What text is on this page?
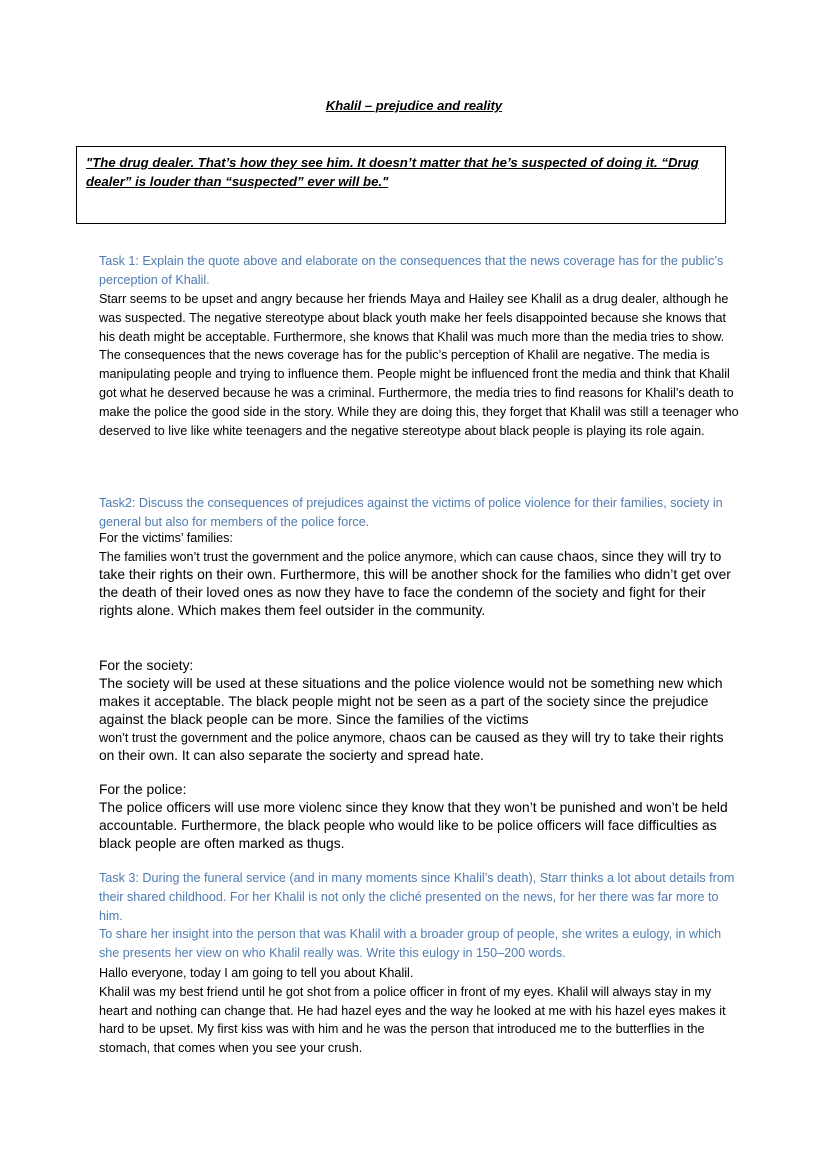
Khalil – prejudice and reality

"The drug dealer. That’s how they see him. It doesn’t matter that he’s suspected of doing it. “Drug dealer” is louder than “suspected” ever will be."

Task 1: Explain the quote above and elaborate on the consequences that the news coverage has for the public’s perception of Khalil.

Starr seems to be upset and angry because her friends Maya and Hailey see Khalil as a drug dealer, although he was suspected. The negative stereotype about black youth make her feels disappointed because she knows that his death might be acceptable. Furthermore, she knows that Khalil was much more than the media tries to show.

The consequences that the news coverage has for the public’s perception of Khalil are negative. The media is manipulating people and trying to influence them. People might be influenced front the media and think that Khalil got what he deserved because he was a criminal. Furthermore, the media tries to find reasons for Khalil’s death to make the police the good side in the story. While they are doing this, they forget that Khalil was still a teenager who deserved to live like white teenagers and the negative stereotype about black people is playing its role again.

Task2: Discuss the consequences of prejudices against the victims of police violence for their families, society in general but also for members of the police force.
For the victims’ families:
The families won’t trust the government and the police anymore, which can cause chaos, since they will try to take their rights on their own. Furthermore, this will be another shock for the families who didn’t get over the death of their loved ones as now they have to face the condemn of the society and fight for their rights alone. Which makes them feel outsider in the community.
For the society:

The society will be used at these situations and the police violence would not be something new which makes it acceptable. The black people might not be seen as a part of the society since the prejudice against the black people can be more. Since the families of the victims

won’t trust the government and the police anymore, chaos can be caused as they will try to take their rights on their own. It can also separate the socierty and spread hate.

For the police:
The police officers will use more violenc since they know that they won’t be punished and won’t be held accountable. Furthermore, the black people who would like to be police officers will face difficulties as black people are often marked as thugs.

Task 3: During the funeral service (and in many moments since Khalil’s death), Starr thinks a lot about details from their shared childhood. For her Khalil is not only the cliché presented on the news, for her there was far more to him.

To share her insight into the person that was Khalil with a broader group of people, she writes a eulogy, in which she presents her view on who Khalil really was. Write this eulogy in 150–200 words.

Hallo everyone, today I am going to tell you about Khalil.

Khalil was my best friend until he got shot from a police officer in front of my eyes. Khalil will always stay in my heart and nothing can change that. He had hazel eyes and the way he looked at me with his hazel eyes makes it hard to be upset. My first kiss was with him and he was the person that introduced me to the butterflies in the stomach, that comes when you see your crush.
